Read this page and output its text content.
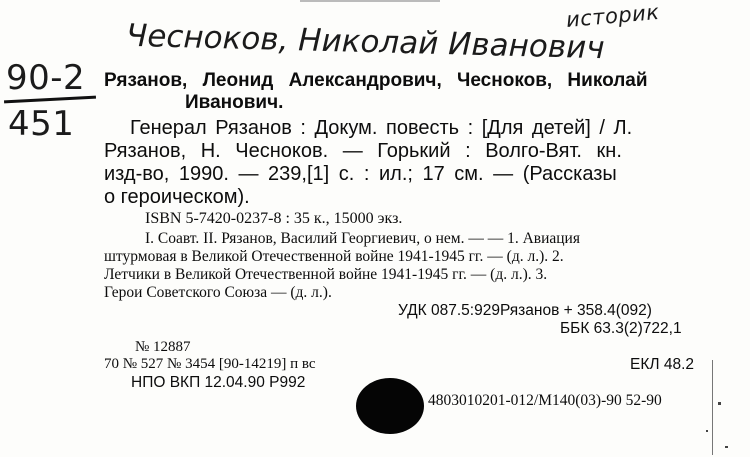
историк
Чесноков, Николай Иванович
90-2
451
Рязанов, Леонид Александрович, Чесноков, Николай
Иванович.
Генерал Рязанов : Докум. повесть : [Для детей] / Л.
Рязанов, Н. Чесноков. — Горький : Волго-Вят. кн.
изд-во, 1990. — 239,[1] с. : ил.; 17 см. — (Рассказы
о героическом).
ISBN 5-7420-0237-8 : 35 к., 15000 экз.
I. Соавт. II. Рязанов, Василий Георгиевич, о нем. — — 1. Авиация
штурмовая в Великой Отечественной войне 1941-1945 гг. — (д. л.). 2.
Летчики в Великой Отечественной войне 1941-1945 гг. — (д. л.). 3.
Герои Советского Союза — (д. л.).
УДК 087.5:929Рязанов + 358.4(092)
ББК 63.3(2)722,1
№ 12887
70 № 527 № 3454 [90-14219] п вс	ЕКЛ 48.2
НПО ВКП 12.04.90 Р992
4803010201-012/М140(03)-90 52-90
